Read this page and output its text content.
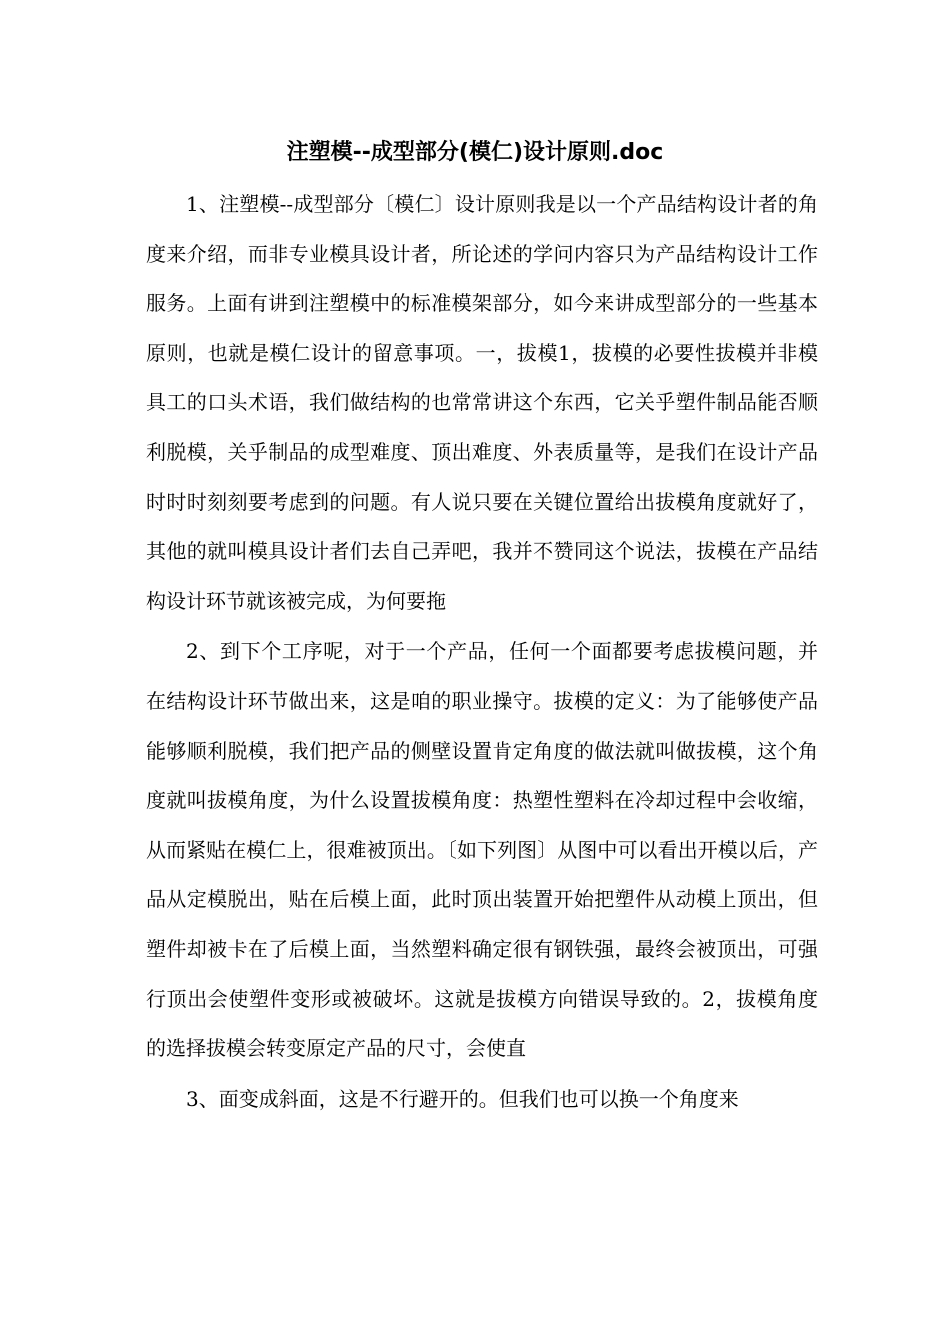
注塑模--成型部分(模仁)设计原则.doc

1、注塑模--成型部分〔模仁〕设计原则我是以一个产品结构设计者的角度来介绍，而非专业模具设计者，所论述的学问内容只为产品结构设计工作服务。上面有讲到注塑模中的标准模架部分，如今来讲成型部分的一些基本原则，也就是模仁设计的留意事项。一，拔模1，拔模的必要性拔模并非模具工的口头术语，我们做结构的也常常讲这个东西，它关乎塑件制品能否顺利脱模，关乎制品的成型难度、顶出难度、外表质量等，是我们在设计产品时时时刻刻要考虑到的问题。有人说只要在关键位置给出拔模角度就好了，其他的就叫模具设计者们去自己弄吧，我并不赞同这个说法，拔模在产品结构设计环节就该被完成，为何要拖

2、到下个工序呢，对于一个产品，任何一个面都要考虑拔模问题，并在结构设计环节做出来，这是咱的职业操守。拔模的定义：为了能够使产品能够顺利脱模，我们把产品的侧壁设置肯定角度的做法就叫做拔模，这个角度就叫拔模角度，为什么设置拔模角度：热塑性塑料在冷却过程中会收缩，从而紧贴在模仁上，很难被顶出。〔如下列图〕从图中可以看出开模以后，产品从定模脱出，贴在后模上面，此时顶出装置开始把塑件从动模上顶出，但塑件却被卡在了后模上面，当然塑料确定很有钢铁强，最终会被顶出，可强行顶出会使塑件变形或被破坏。这就是拔模方向错误导致的。2，拔模角度的选择拔模会转变原定产品的尺寸，会使直

3、面变成斜面，这是不行避开的。但我们也可以换一个角度来
